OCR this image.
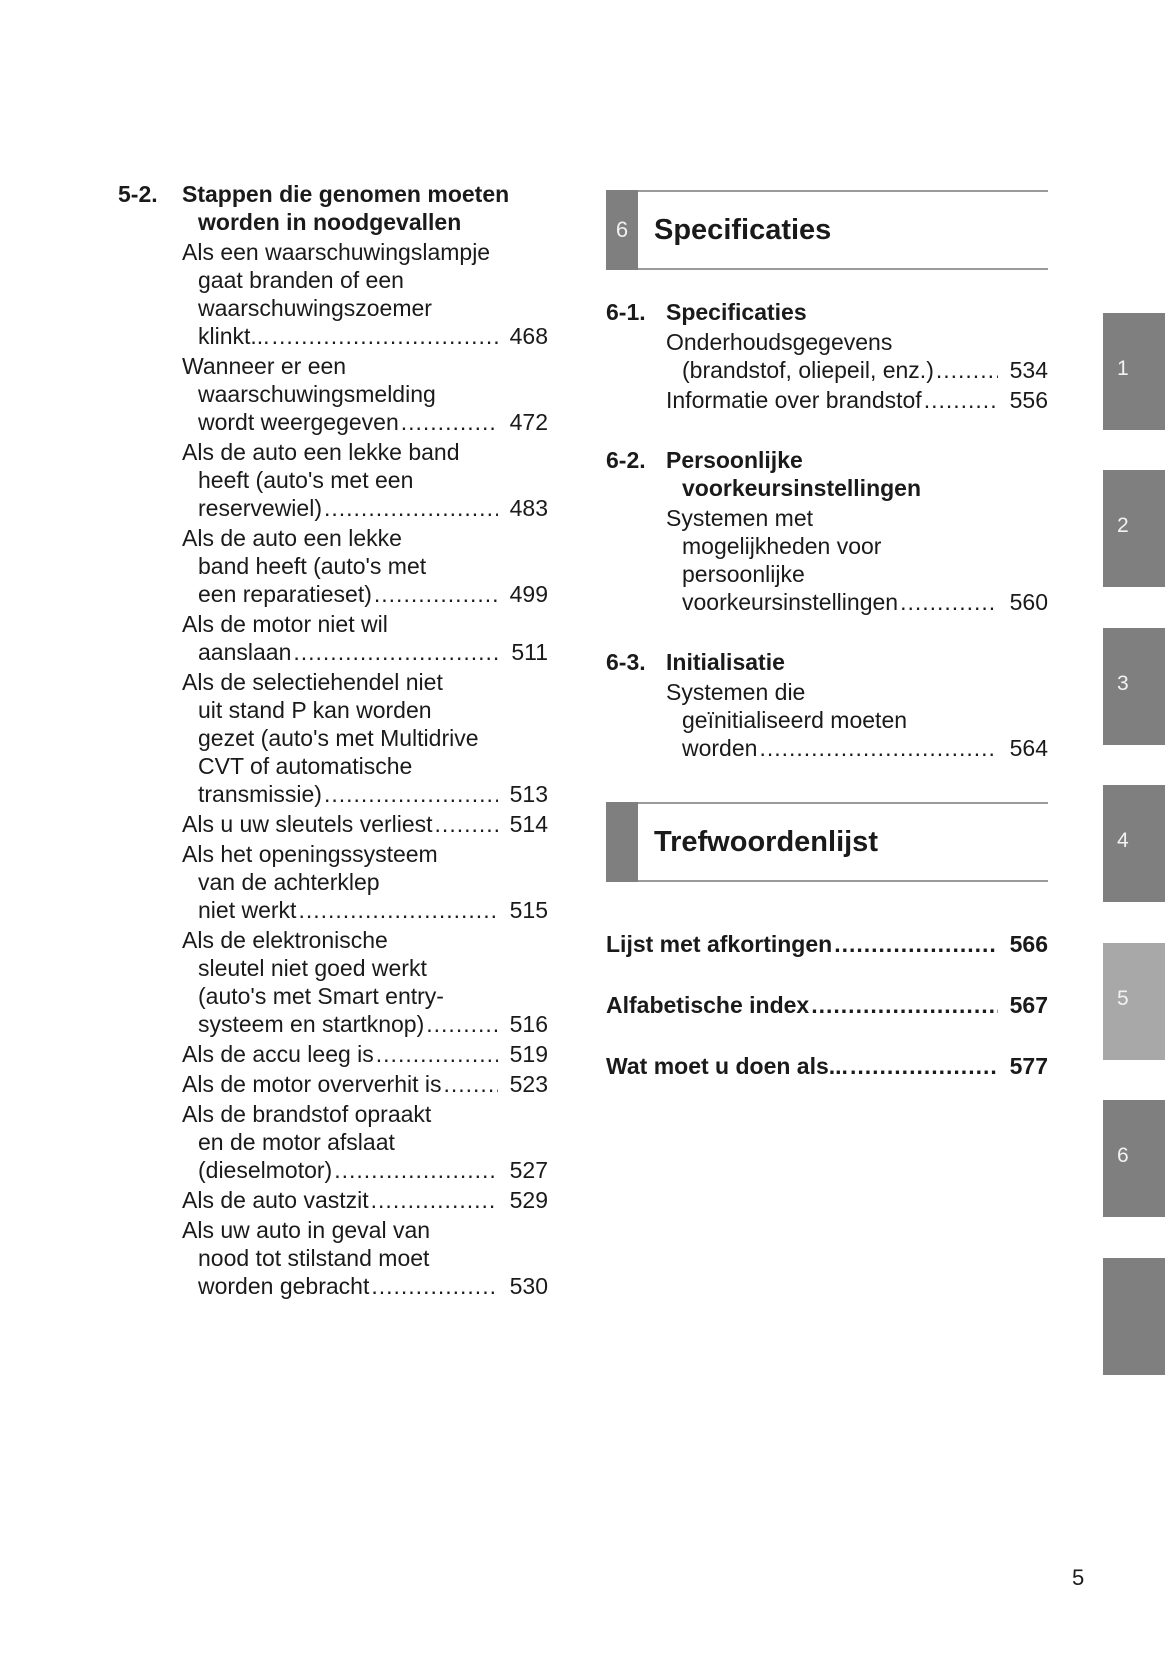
5-2. Stappen die genomen moeten
worden in noodgevallen
Als een waarschuwingslampje
gaat branden of een
waarschuwingszoemer
klinkt... .....	468
Wanneer er een
waarschuwingsmelding
wordt weergegeven .....	472
Als de auto een lekke band
heeft (auto's met een
reservewiel) .....	483
Als de auto een lekke
band heeft (auto's met
een reparatieset) .....	499
Als de motor niet wil
aanslaan .....	511
Als de selectiehendel niet
uit stand P kan worden
gezet (auto's met Multidrive
CVT of automatische
transmissie) .....	513
Als u uw sleutels verliest .....	514
Als het openingssysteem
van de achterklep
niet werkt .....	515
Als de elektronische
sleutel niet goed werkt
(auto's met Smart entry-
systeem en startknop) .....	516
Als de accu leeg is .....	519
Als de motor oververhit is .....	523
Als de brandstof opraakt
en de motor afslaat
(dieselmotor) .....	527
Als de auto vastzit .....	529
Als uw auto in geval van
nood tot stilstand moet
worden gebracht .....	530
6 Specificaties
6-1. Specificaties
Onderhoudsgegevens
(brandstof, oliepeil, enz.) .....	534
Informatie over brandstof .....	556
6-2. Persoonlijke
voorkeursinstellingen
Systemen met
mogelijkheden voor
persoonlijke
voorkeursinstellingen .....	560
6-3. Initialisatie
Systemen die
geïnitialiseerd moeten
worden .....	564
Trefwoordenlijst
Lijst met afkortingen .....	566
Alfabetische index .....	567
Wat moet u doen als... .....	577
1
2
3
4
5
6
5
